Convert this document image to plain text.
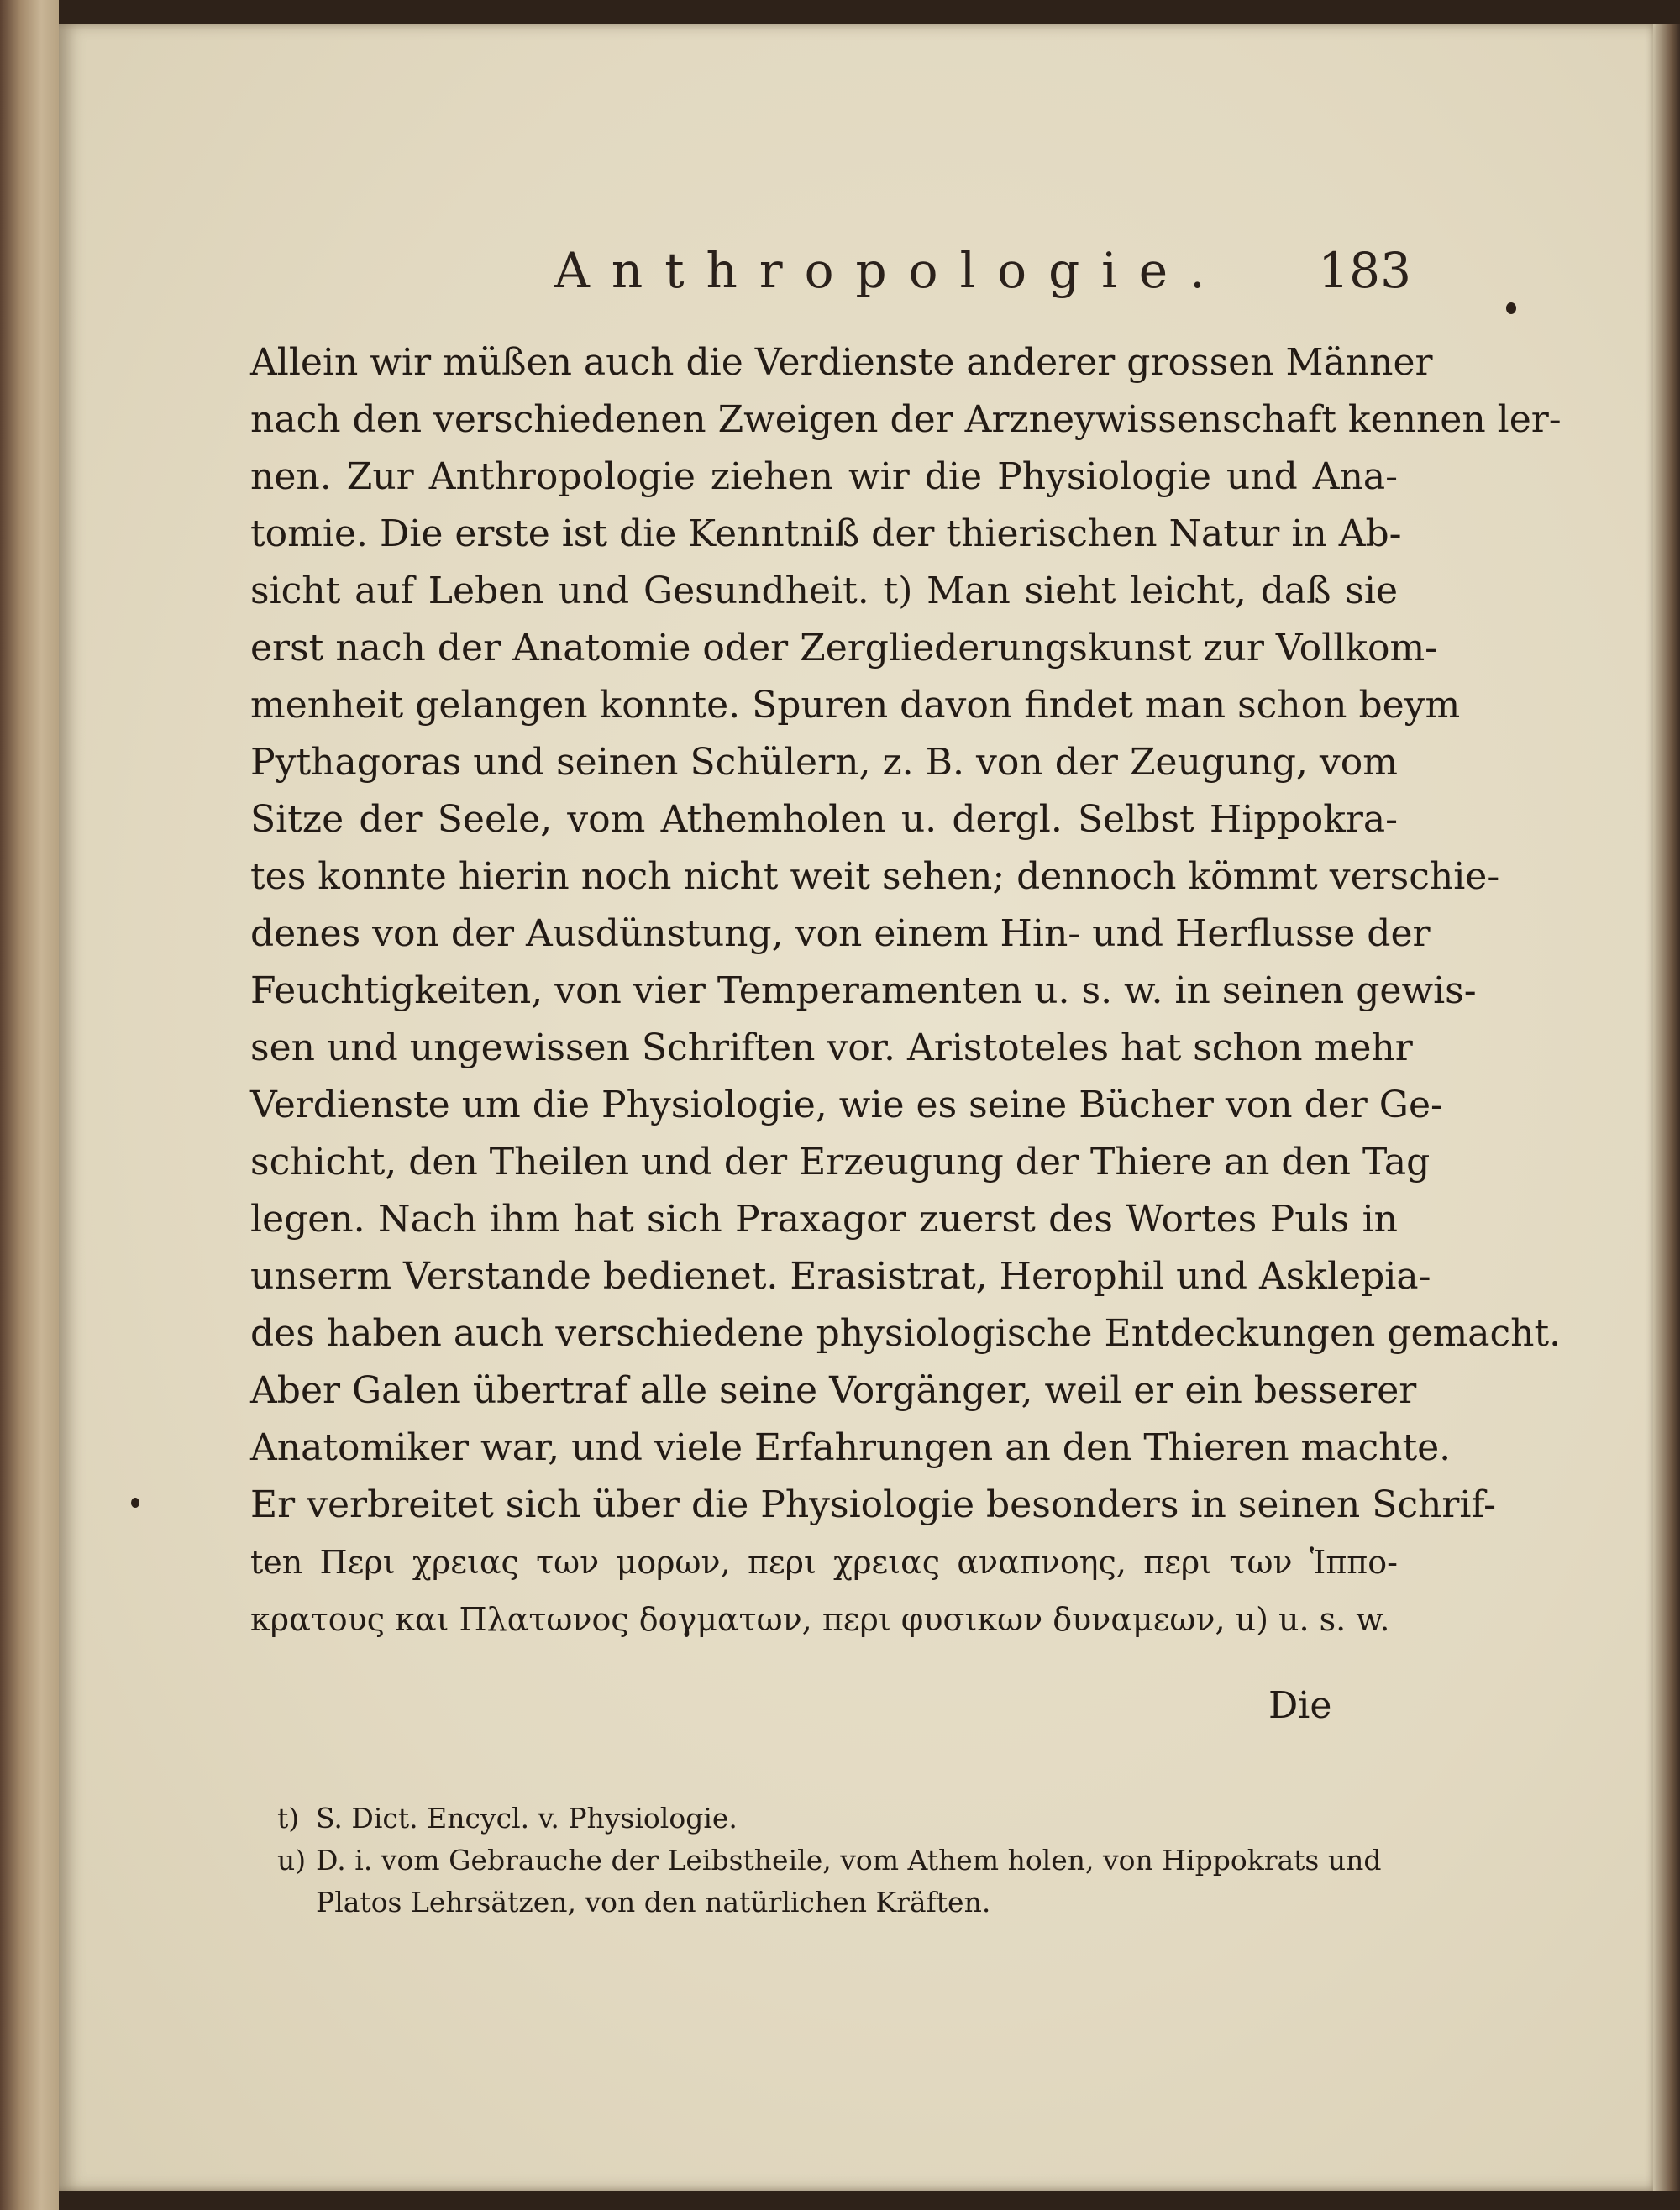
Anthropologie. 183
Allein wir müßen auch die Verdienste anderer grossen Männer
nach den verschiedenen Zweigen der Arzneywissenschaft kennen ler-
nen. Zur Anthropologie ziehen wir die Physiologie und Ana-
tomie. Die erste ist die Kenntniß der thierischen Natur in Ab-
sicht auf Leben und Gesundheit. t) Man sieht leicht, daß sie
erst nach der Anatomie oder Zergliederungskunst zur Vollkom-
menheit gelangen konnte. Spuren davon findet man schon beym
Pythagoras und seinen Schülern, z. B. von der Zeugung, vom
Sitze der Seele, vom Athemholen u. dergl. Selbst Hippokra-
tes konnte hierin noch nicht weit sehen; dennoch kömmt verschie-
denes von der Ausdünstung, von einem Hin- und Herflusse der
Feuchtigkeiten, von vier Temperamenten u. s. w. in seinen gewis-
sen und ungewissen Schriften vor. Aristoteles hat schon mehr
Verdienste um die Physiologie, wie es seine Bücher von der Ge-
schicht, den Theilen und der Erzeugung der Thiere an den Tag
legen. Nach ihm hat sich Praxagor zuerst des Wortes Puls in
unserm Verstande bedienet. Erasistrat, Herophil und Asklepia-
des haben auch verschiedene physiologische Entdeckungen gemacht.
Aber Galen übertraf alle seine Vorgänger, weil er ein besserer
Anatomiker war, und viele Erfahrungen an den Thieren machte.
Er verbreitet sich über die Physiologie besonders in seinen Schrif-
ten Περι χρειας των μορων, περι χρειας αναπνοης, περι των Ἱππο-
κρατους και Πλατωνος δογματων, περι φυσικων δυναμεων, u) u. s. w.
Die
t) S. Dict. Encycl. v. Physiologie.
u) D. i. vom Gebrauche der Leibstheile, vom Athem holen, von Hippokrats und
Platos Lehrsätzen, von den natürlichen Kräften.
